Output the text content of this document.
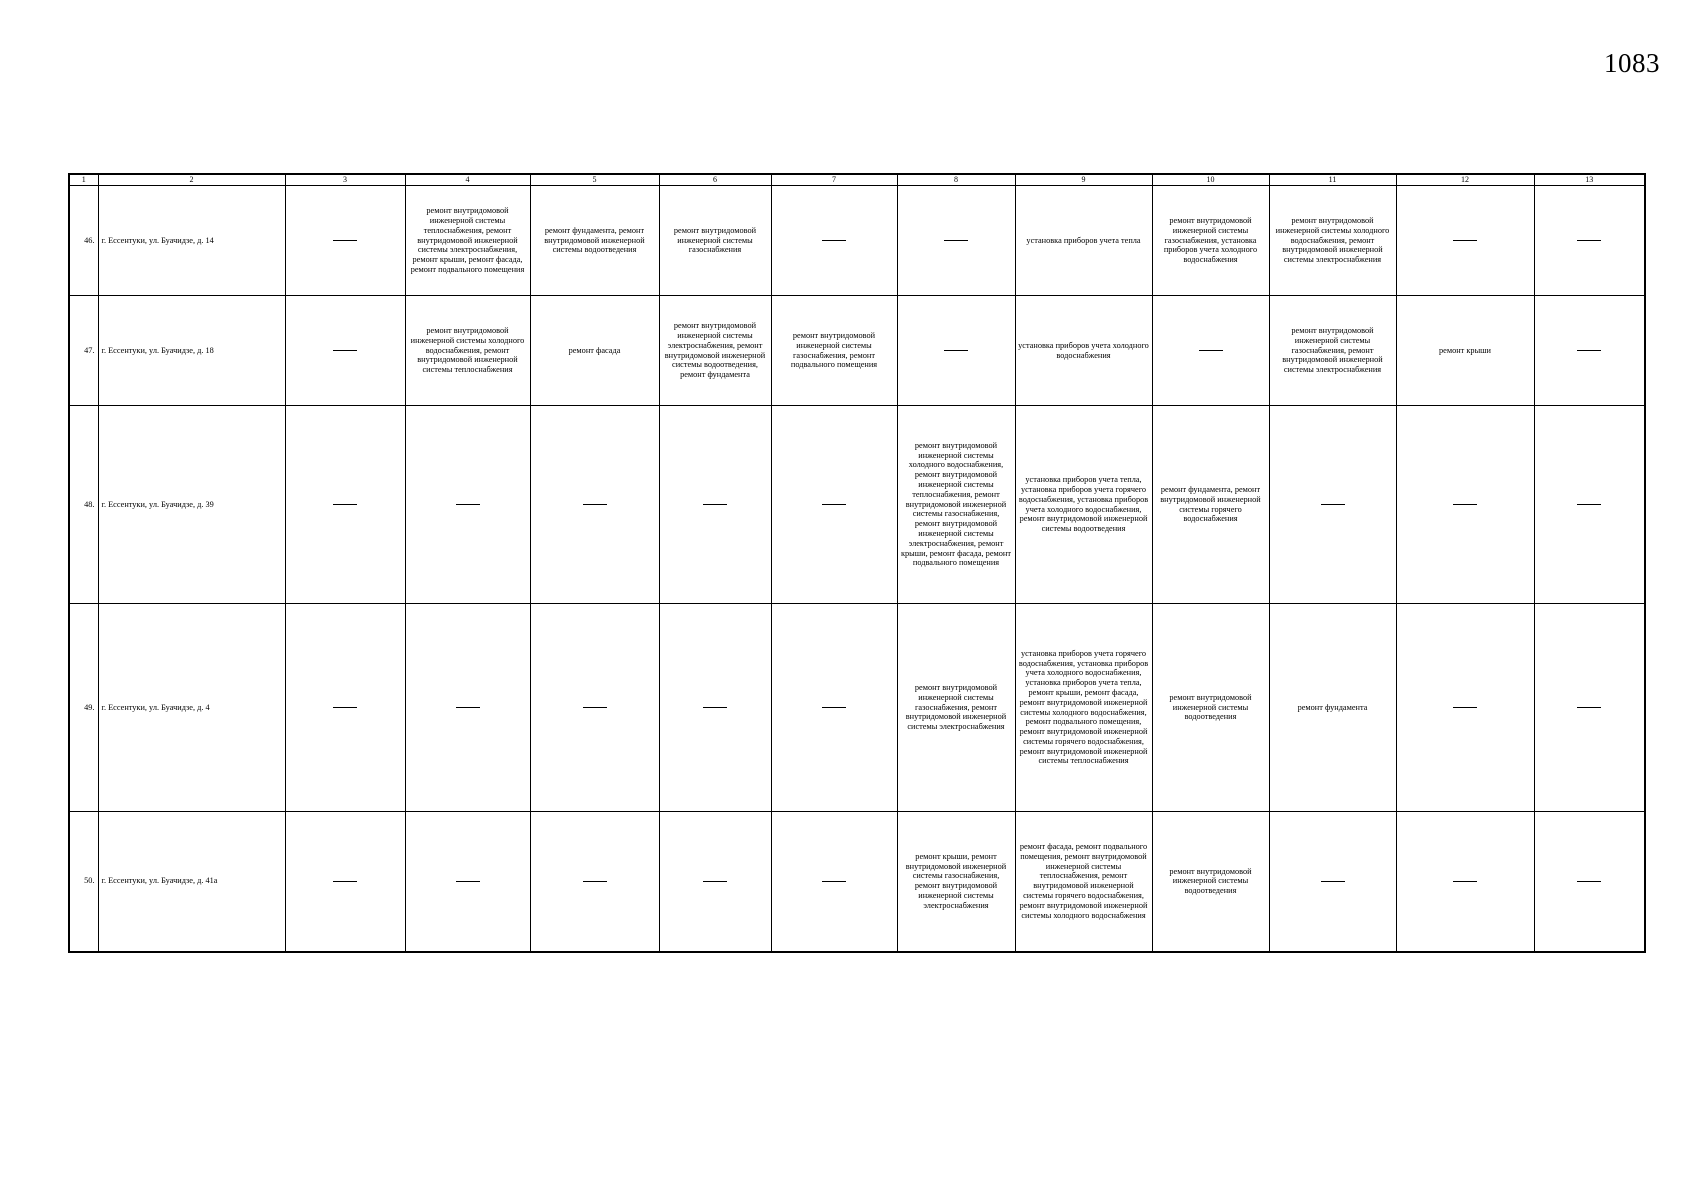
1083
1	2	3	4	5	6	7	8	9	10	11	12	13
46.	г. Ессентуки, ул. Буачидзе, д. 14		ремонт внутридомовой инженерной системы теплоснабжения, ремонт внутридомовой инженерной системы электроснабжения, ремонт крыши, ремонт фасада, ремонт подвального помещения	ремонт фундамента, ремонт внутридомовой инженерной системы водоотведения	ремонт внутридомовой инженерной системы газоснабжения			установка приборов учета тепла	ремонт внутридомовой инженерной системы газоснабжения, установка приборов учета холодного водоснабжения	ремонт внутридомовой инженерной системы холодного водоснабжения, ремонт внутридомовой инженерной системы электроснабжения		
47.	г. Ессентуки, ул. Буачидзе, д. 18		ремонт внутридомовой инженерной системы холодного водоснабжения, ремонт внутридомовой инженерной системы теплоснабжения	ремонт фасада	ремонт внутридомовой инженерной системы электроснабжения, ремонт внутридомовой инженерной системы водоотведения, ремонт фундамента	ремонт внутридомовой инженерной системы газоснабжения, ремонт подвального помещения		установка приборов учета холодного водоснабжения		ремонт внутридомовой инженерной системы газоснабжения, ремонт внутридомовой инженерной системы электроснабжения	ремонт крыши	
48.	г. Ессентуки, ул. Буачидзе, д. 39						ремонт внутридомовой инженерной системы холодного водоснабжения, ремонт внутридомовой инженерной системы теплоснабжения, ремонт внутридомовой инженерной системы газоснабжения, ремонт внутридомовой инженерной системы электроснабжения, ремонт крыши, ремонт фасада, ремонт подвального помещения	установка приборов учета тепла, установка приборов учета горячего водоснабжения, установка приборов учета холодного водоснабжения, ремонт внутридомовой инженерной системы водоотведения	ремонт фундамента, ремонт внутридомовой инженерной системы горячего водоснабжения			
49.	г. Ессентуки, ул. Буачидзе, д. 4						ремонт внутридомовой инженерной системы газоснабжения, ремонт внутридомовой инженерной системы электроснабжения	установка приборов учета горячего водоснабжения, установка приборов учета холодного водоснабжения, установка приборов учета тепла, ремонт крыши, ремонт фасада, ремонт внутридомовой инженерной системы холодного водоснабжения, ремонт подвального помещения, ремонт внутридомовой инженерной системы горячего водоснабжения, ремонт внутридомовой инженерной системы теплоснабжения	ремонт внутридомовой инженерной системы водоотведения	ремонт фундамента		
50.	г. Ессентуки, ул. Буачидзе, д. 41а						ремонт крыши, ремонт внутридомовой инженерной системы газоснабжения, ремонт внутридомовой инженерной системы электроснабжения	ремонт фасада, ремонт подвального помещения, ремонт внутридомовой инженерной системы теплоснабжения, ремонт внутридомовой инженерной системы горячего водоснабжения, ремонт внутридомовой инженерной системы холодного водоснабжения	ремонт внутридомовой инженерной системы водоотведения			
